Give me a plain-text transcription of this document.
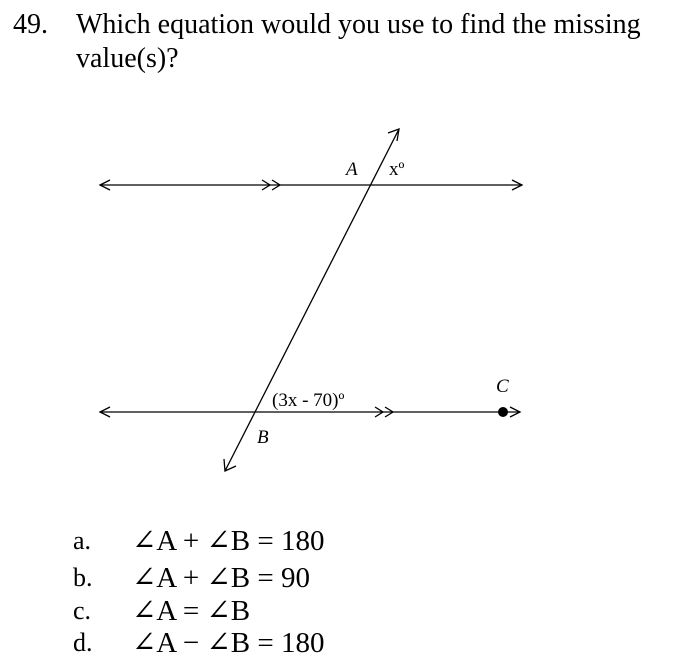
49. Which equation would you use to find the missing
value(s)?
A xº
(3x - 70)º
B
C
a. ∠A + ∠B = 180
b. ∠A + ∠B = 90
c. ∠A = ∠B
d. ∠A − ∠B = 180
